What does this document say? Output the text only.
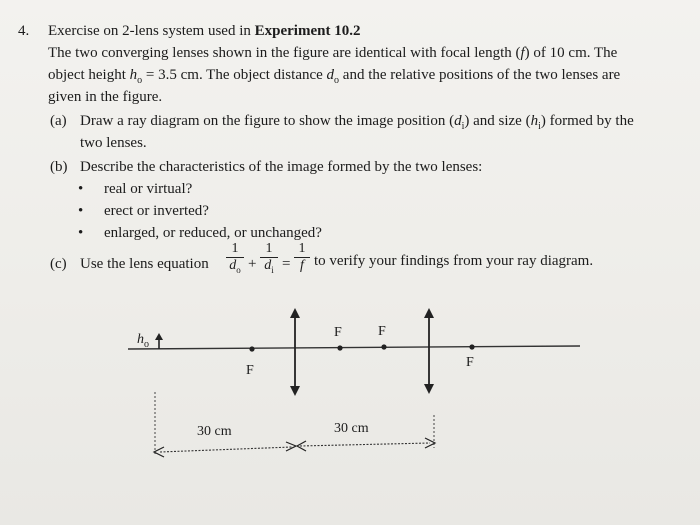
4. Exercise on 2-lens system used in Experiment 10.2
The two converging lenses shown in the figure are identical with focal length (f) of 10 cm. The
object height $h_o = 3.5$ cm. The object distance $d_o$ and the relative positions of the two lenses are
given in the figure.
(a) Draw a ray diagram on the figure to show the image position $(d_i)$ and size $(h_i)$ formed by the
two lenses.
(b) Describe the characteristics of the image formed by the two lenses:
• real or virtual?
• erect or inverted?
• enlarged, or reduced, or unchanged?
(c) Use the lens equation
1
$d_o$ +
1
$d_i$ =
1
f to verify your findings from your ray diagram.
$h_o$
F
F	F
F
30 cm	30 cm
